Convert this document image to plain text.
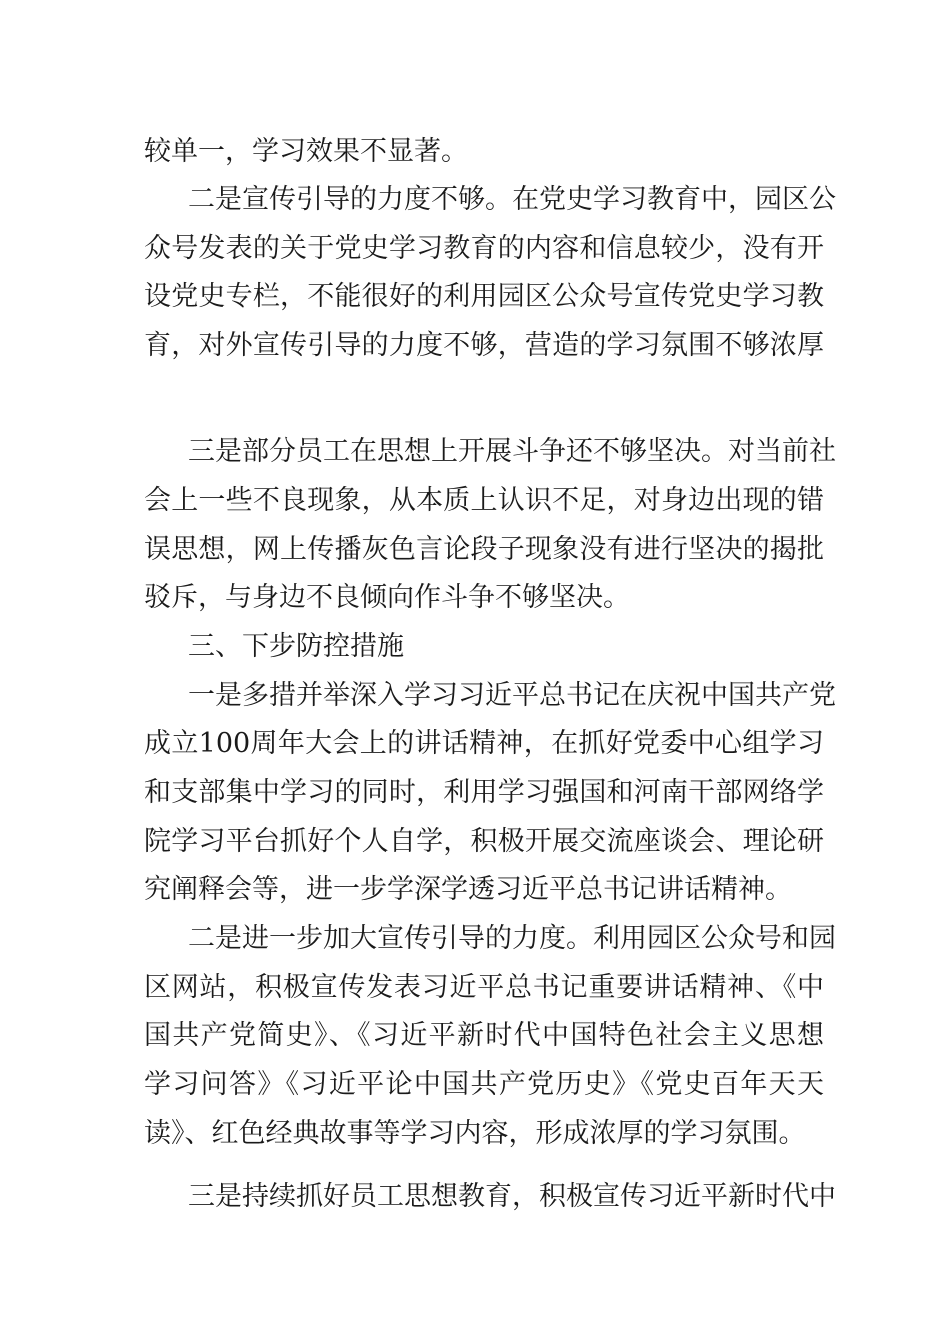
较单一，学习效果不显著。
二是宣传引导的力度不够。在党史学习教育中，园区公
众号发表的关于党史学习教育的内容和信息较少，没有开
设党史专栏，不能很好的利用园区公众号宣传党史学习教
育，对外宣传引导的力度不够，营造的学习氛围不够浓厚
三是部分员工在思想上开展斗争还不够坚决。对当前社
会上一些不良现象，从本质上认识不足，对身边出现的错
误思想，网上传播灰色言论段子现象没有进行坚决的揭批
驳斥，与身边不良倾向作斗争不够坚决。
三、下步防控措施
一是多措并举深入学习习近平总书记在庆祝中国共产党
成立100周年大会上的讲话精神，在抓好党委中心组学习
和支部集中学习的同时，利用学习强国和河南干部网络学
院学习平台抓好个人自学，积极开展交流座谈会、理论研
究阐释会等，进一步学深学透习近平总书记讲话精神。
二是进一步加大宣传引导的力度。利用园区公众号和园
区网站，积极宣传发表习近平总书记重要讲话精神、《中
国共产党简史》、《习近平新时代中国特色社会主义思想
学习问答》《习近平论中国共产党历史》《党史百年天天
读》、红色经典故事等学习内容，形成浓厚的学习氛围。
三是持续抓好员工思想教育，积极宣传习近平新时代中
